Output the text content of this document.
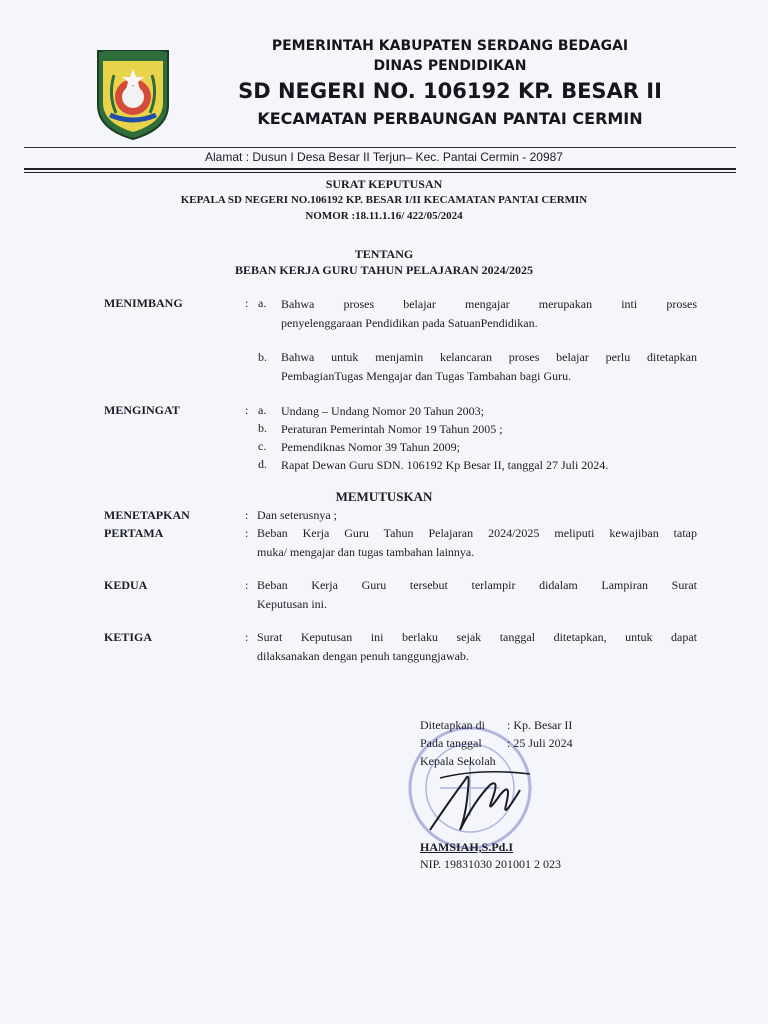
PEMERINTAH KABUPATEN SERDANG BEDAGAI
DINAS PENDIDIKAN
SD NEGERI NO. 106192 KP. BESAR II
KECAMATAN PERBAUNGAN PANTAI CERMIN
Alamat : Dusun I Desa Besar II Terjun– Kec. Pantai Cermin - 20987
SURAT KEPUTUSAN
KEPALA SD NEGERI NO.106192 KP. BESAR I/II KECAMATAN PANTAI CERMIN
NOMOR :18.11.1.16/ 422/05/2024
TENTANG
BEBAN KERJA GURU TAHUN PELAJARAN 2024/2025
MENIMBANG	: a. Bahwa proses belajar mengajar merupakan inti proses
penyelenggaraan Pendidikan pada SatuanPendidikan.
b. Bahwa untuk menjamin kelancaran proses belajar perlu ditetapkan
PembagianTugas Mengajar dan Tugas Tambahan bagi Guru.
MENGINGAT	: a. Undang – Undang Nomor 20 Tahun 2003;
b. Peraturan Pemerintah Nomor 19 Tahun 2005 ;
c. Pemendiknas Nomor 39 Tahun 2009;
d. Rapat Dewan Guru SDN. 106192 Kp Besar II, tanggal 27 Juli 2024.
MEMUTUSKAN
MENETAPKAN	: Dan seterusnya ;
PERTAMA	: Beban Kerja Guru Tahun Pelajaran 2024/2025 meliputi kewajiban tatap
muka/ mengajar dan tugas tambahan lainnya.
KEDUA	: Beban Kerja Guru tersebut terlampir didalam Lampiran Surat
Keputusan ini.
KETIGA	: Surat Keputusan ini berlaku sejak tanggal ditetapkan, untuk dapat
dilaksanakan dengan penuh tanggungjawab.
Ditetapkan di : Kp. Besar II
Pada tanggal : 25 Juli 2024
Kepala Sekolah
HAMSIAH,S.Pd.I
NIP. 19831030 201001 2 023
